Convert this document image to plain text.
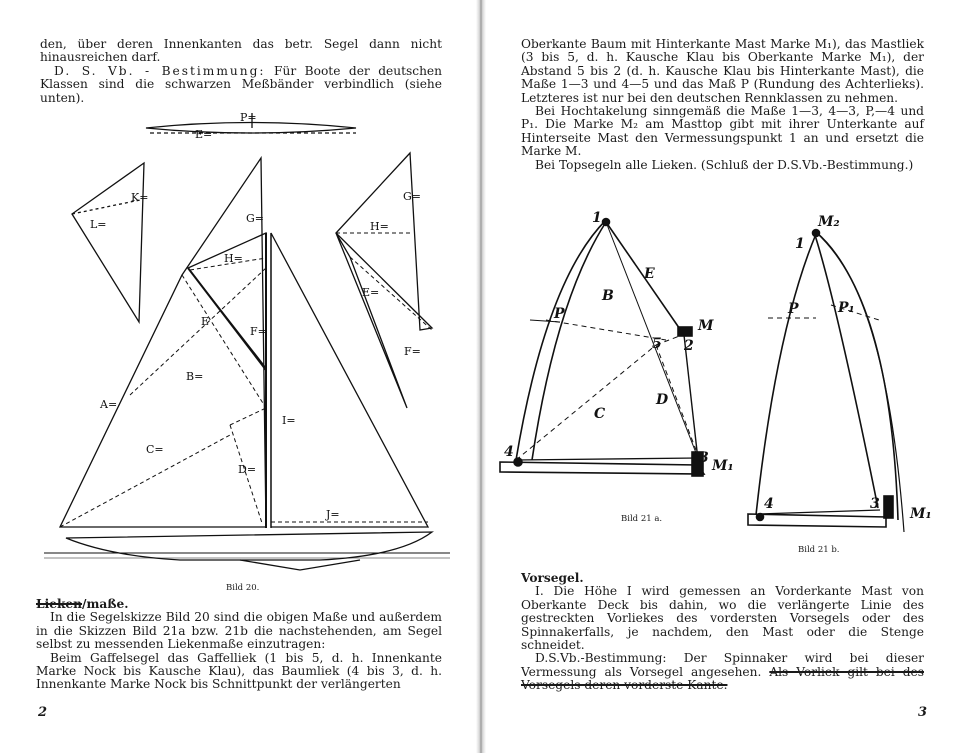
den, über deren Innenkanten das betr. Segel dann nicht hinausreichen darf.

D. S. Vb. - Bestimmung: Für Boote der deutschen Klassen sind die schwarzen Meßbänder verbindlich (siehe unten).

P=
E=
K=
L=	G=
H=
F=
E
B=
A=
C=
D=
I=
J=
G=
H=
E=
F=
Bild 20.

Lieken/maße.

In die Segelskizze Bild 20 sind die obigen Maße und außerdem in die Skizzen Bild 21a bzw. 21b die nachstehenden, am Segel selbst zu messenden Liekenmaße einzutragen:

Beim Gaffelsegel das Gaffelliek (1 bis 5, d. h. Innenkante Marke Nock bis Kausche Klau), das Baumliek (4 bis 3, d. h. Innenkante Marke Nock bis Schnittpunkt der verlängerten

2

Oberkante Baum mit Hinterkante Mast Marke M₁), das Mastliek (3 bis 5, d. h. Kausche Klau bis Oberkante Marke M₁), der Abstand 5 bis 2 (d. h. Kausche Klau bis Hinterkante Mast), die Maße 1—3 und 4—5 und das Maß P (Rundung des Achterlieks). Letzteres ist nur bei den deutschen Rennklassen zu nehmen.

Bei Hochtakelung sinngemäß die Maße 1—3, 4—3, P,—4 und P₁. Die Marke M₂ am Masttop gibt mit ihrer Unterkante auf Hinterseite Mast den Vermessungspunkt 1 an und ersetzt die Marke M.

Bei Topsegeln alle Lieken. (Schluß der D.S.Vb.-Bestimmung.)

1
2
3
4
5
P
B
E
C
D
M
M₁
1
M₂
P	P₁
4	3
M₁
Bild 21 a.
Bild 21 b.

Vorsegel.

I. Die Höhe I wird gemessen an Vorderkante Mast von Oberkante Deck bis dahin, wo die verlängerte Linie des gestreckten Vorliekes des vordersten Vorsegels oder des Spinnakerfalls, je nachdem, den Mast oder die Stenge schneidet.

D.S.Vb.-Bestimmung: Der Spinnaker wird bei dieser Vermessung als Vorsegel angesehen. Als Vorliek gilt bei des Vorsegels deren vorderste Kante.

3
